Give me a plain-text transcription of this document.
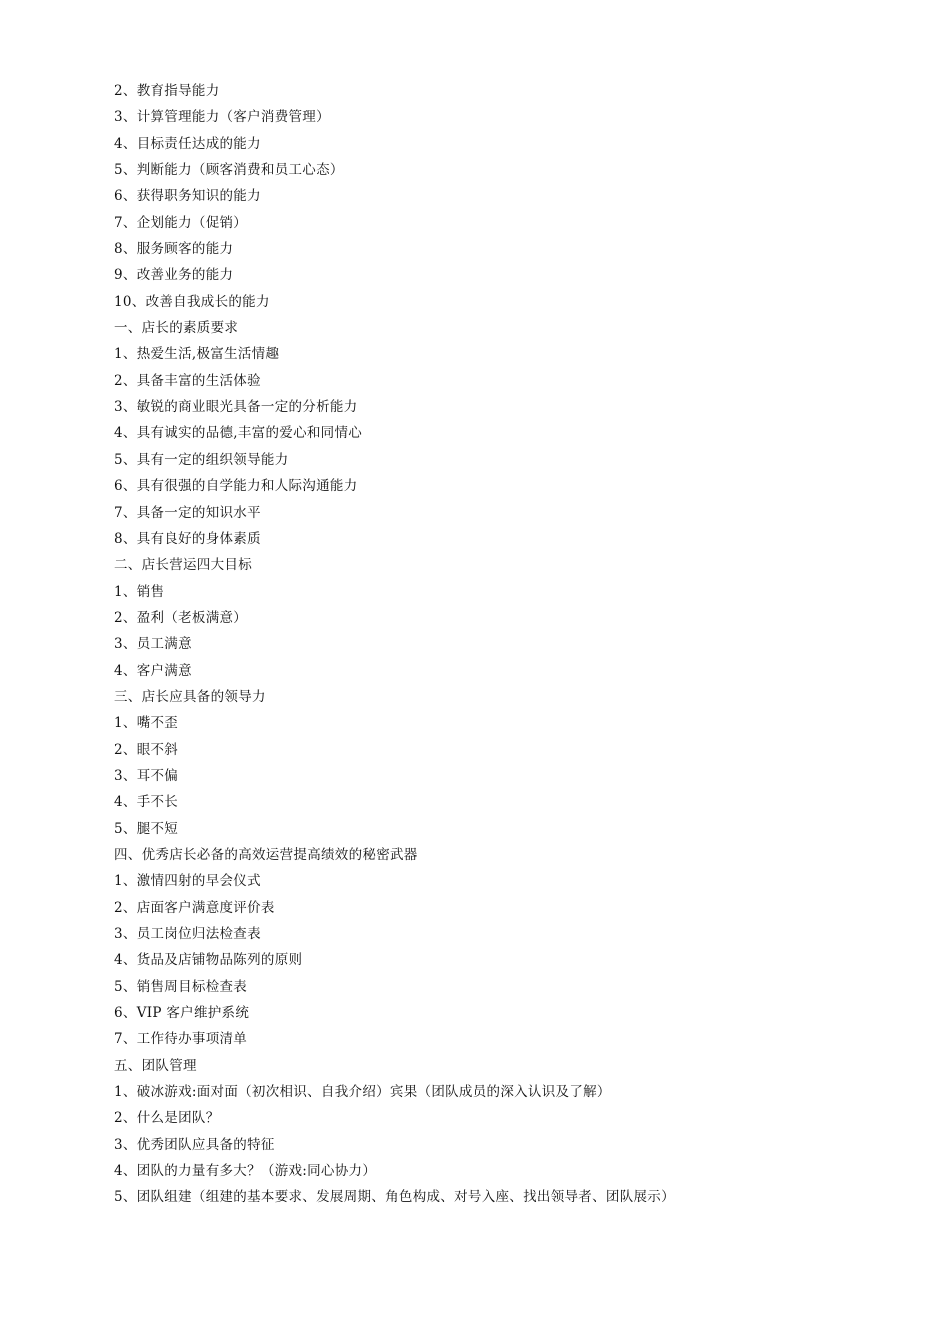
2、教育指导能力
3、计算管理能力（客户消费管理）
4、目标责任达成的能力
5、判断能力（顾客消费和员工心态）
6、获得职务知识的能力
7、企划能力（促销）
8、服务顾客的能力
9、改善业务的能力
10、改善自我成长的能力
一、店长的素质要求
1、热爱生活,极富生活情趣
2、具备丰富的生活体验
3、敏锐的商业眼光具备一定的分析能力
4、具有诚实的品德,丰富的爱心和同情心
5、具有一定的组织领导能力
6、具有很强的自学能力和人际沟通能力
7、具备一定的知识水平
8、具有良好的身体素质
二、店长营运四大目标
1、销售
2、盈利（老板满意）
3、员工满意
4、客户满意
三、店长应具备的领导力
1、嘴不歪
2、眼不斜
3、耳不偏
4、手不长
5、腿不短
四、优秀店长必备的高效运营提高绩效的秘密武器
1、激情四射的早会仪式
2、店面客户满意度评价表
3、员工岗位归法检查表
4、货品及店铺物品陈列的原则
5、销售周目标检查表
6、VIP 客户维护系统
7、工作待办事项清单
五、团队管理
1、破冰游戏:面对面（初次相识、自我介绍）宾果（团队成员的深入认识及了解）
2、什么是团队？
3、优秀团队应具备的特征
4、团队的力量有多大？（游戏:同心协力）
5、团队组建（组建的基本要求、发展周期、角色构成、对号入座、找出领导者、团队展示）
